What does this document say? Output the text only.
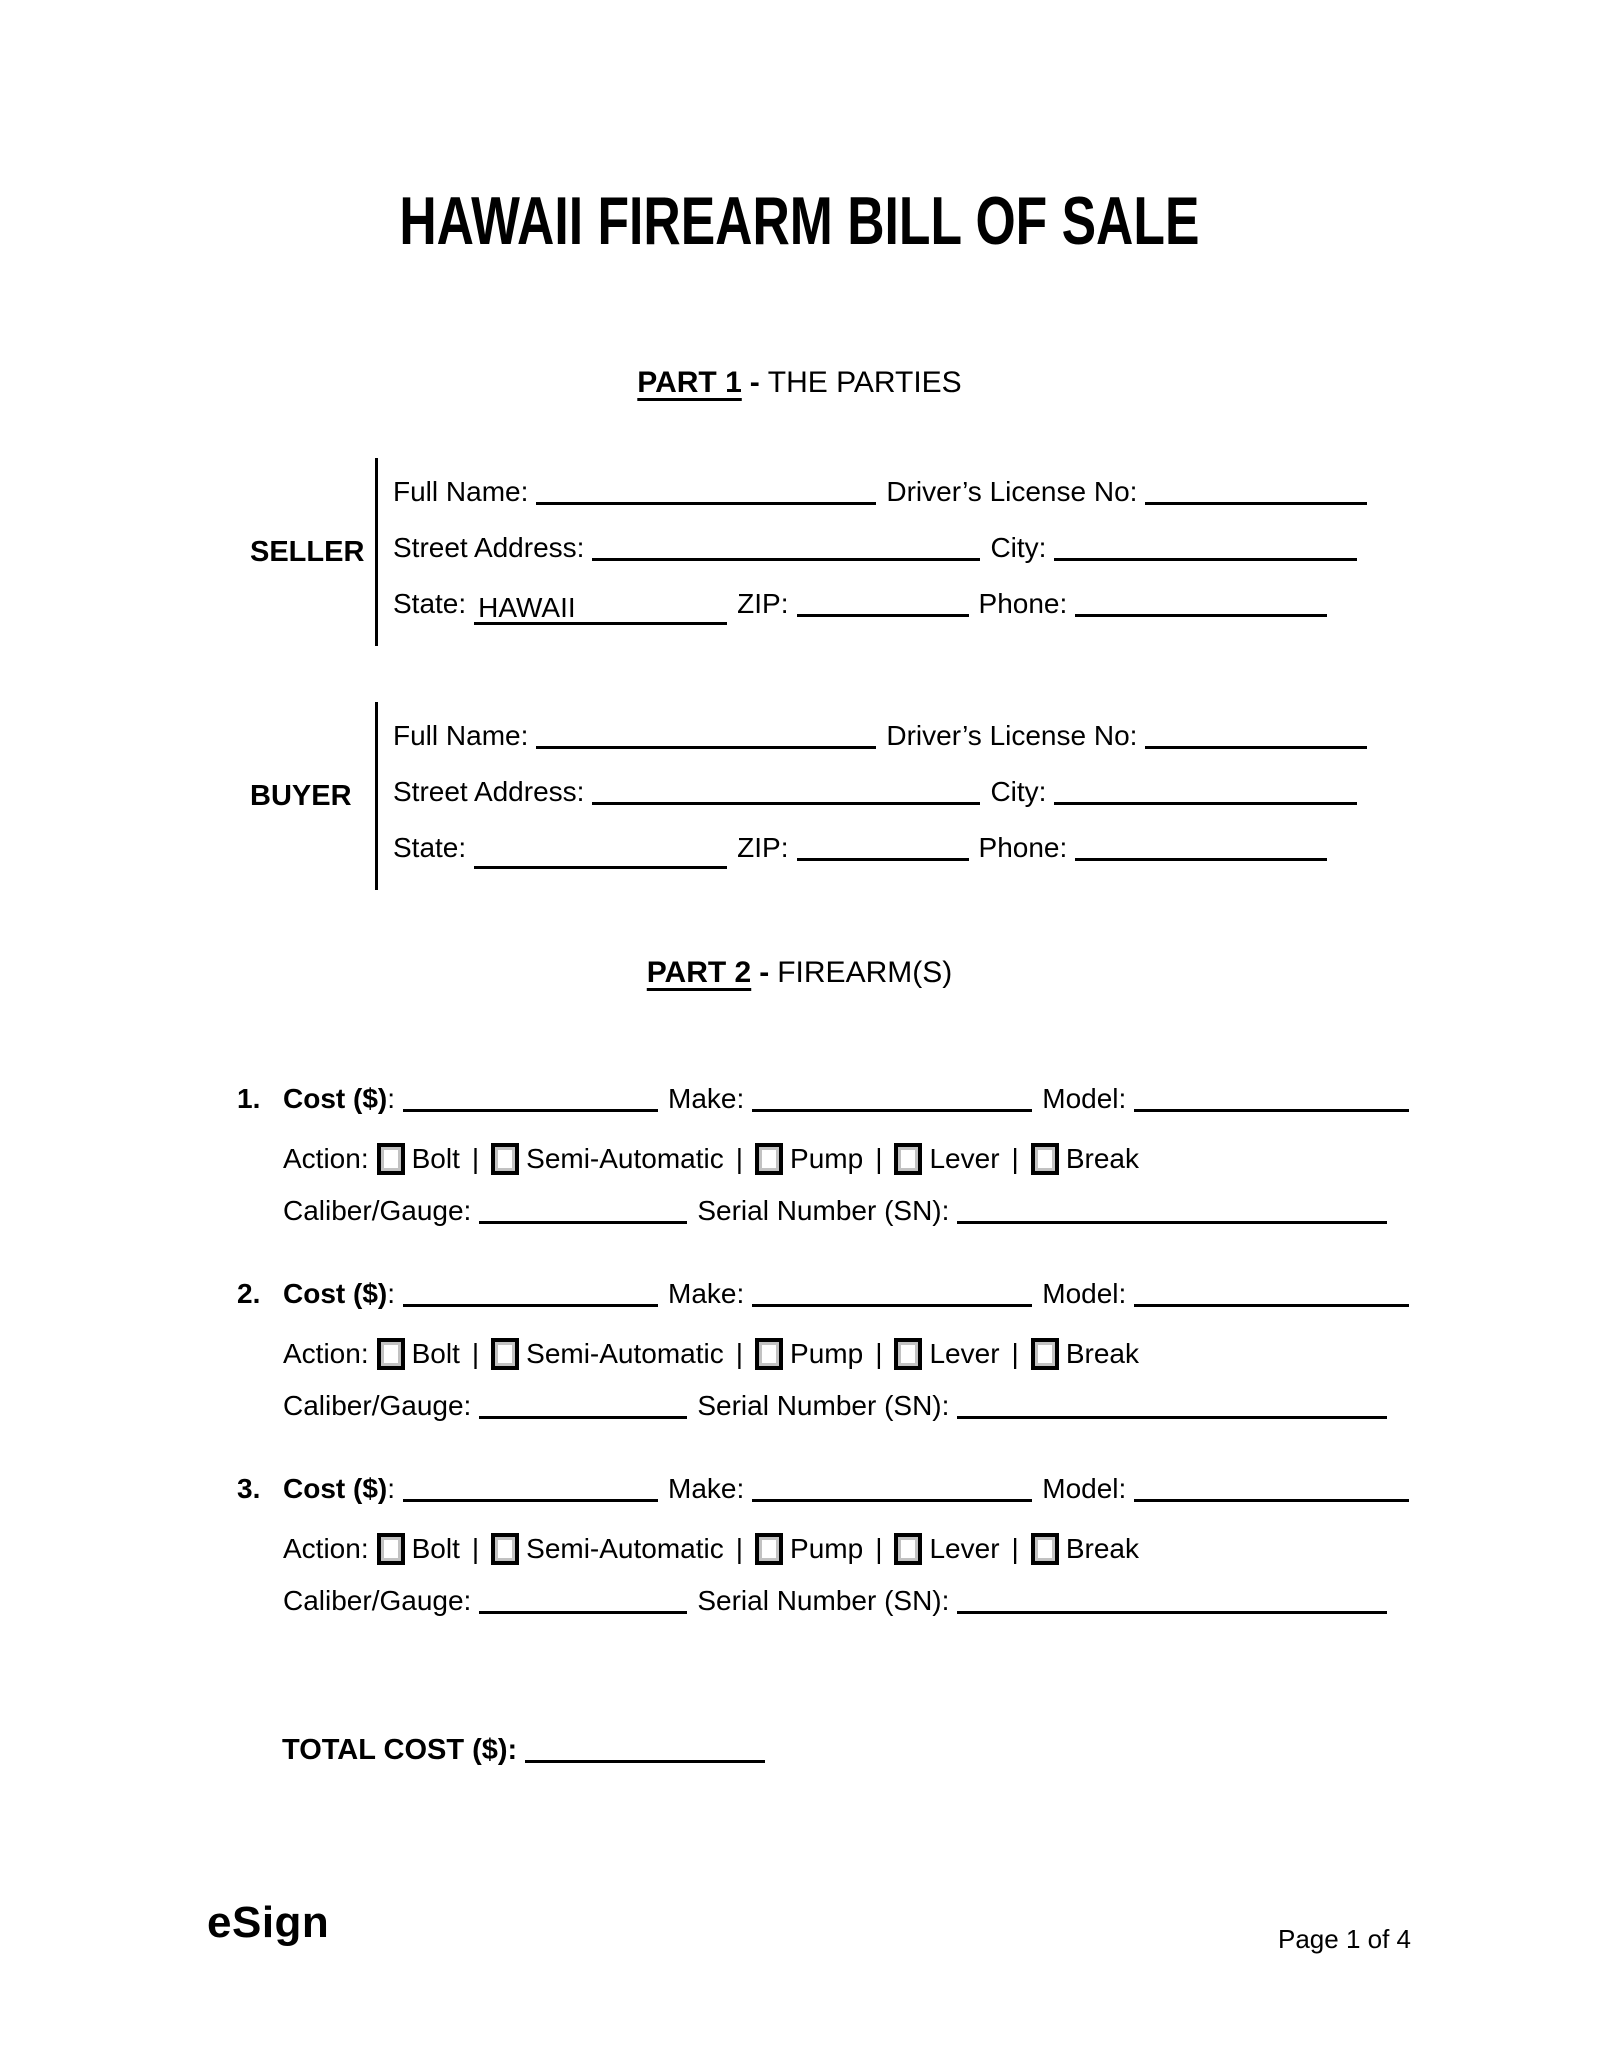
HAWAII FIREARM BILL OF SALE
PART 1 - THE PARTIES
SELLER
Full Name:	Driver’s License No:
Street Address:	City:
State: HAWAII	ZIP:	Phone:
BUYER
Full Name:	Driver’s License No:
Street Address:	City:
State:	ZIP:	Phone:
PART 2 - FIREARM(S)
1. Cost ($) :	Make:	Model:
Action: Bolt | Semi-Automatic | Pump | Lever | Break
Caliber/Gauge:	Serial Number (SN):
2. Cost ($) :	Make:	Model:
Action: Bolt | Semi-Automatic | Pump | Lever | Break
Caliber/Gauge:	Serial Number (SN):
3. Cost ($) :	Make:	Model:
Action: Bolt | Semi-Automatic | Pump | Lever | Break
Caliber/Gauge:	Serial Number (SN):
TOTAL COST ($):
eSign	Page 1 of 4
